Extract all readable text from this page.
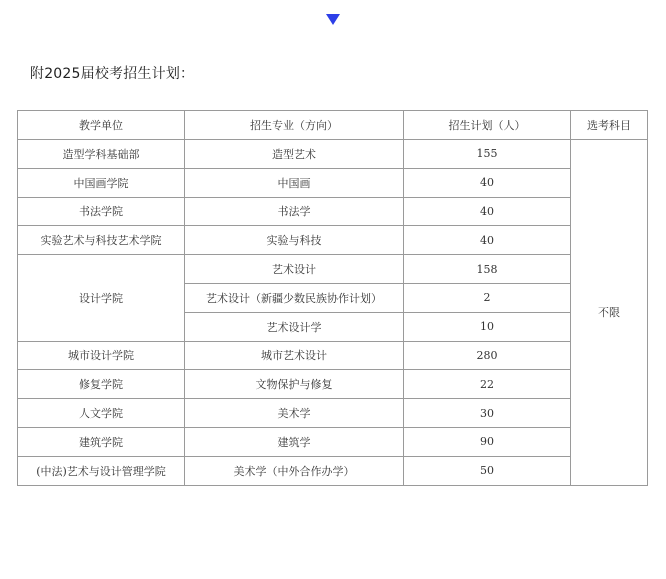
附2025届校考招生计划：
教学单位	招生专业（方向）	招生计划（人）	选考科目
造型学科基础部	造型艺术	155	不限
中国画学院	中国画	40	
书法学院	书法学	40	
实验艺术与科技艺术学院	实验与科技	40	
设计学院	艺术设计	158	
	艺术设计（新疆少数民族协作计划）	2	
	艺术设计学	10	
城市设计学院	城市艺术设计	280	
修复学院	文物保护与修复	22	
人文学院	美术学	30	
建筑学院	建筑学	90	
(中法)艺术与设计管理学院	美术学（中外合作办学）	50	
